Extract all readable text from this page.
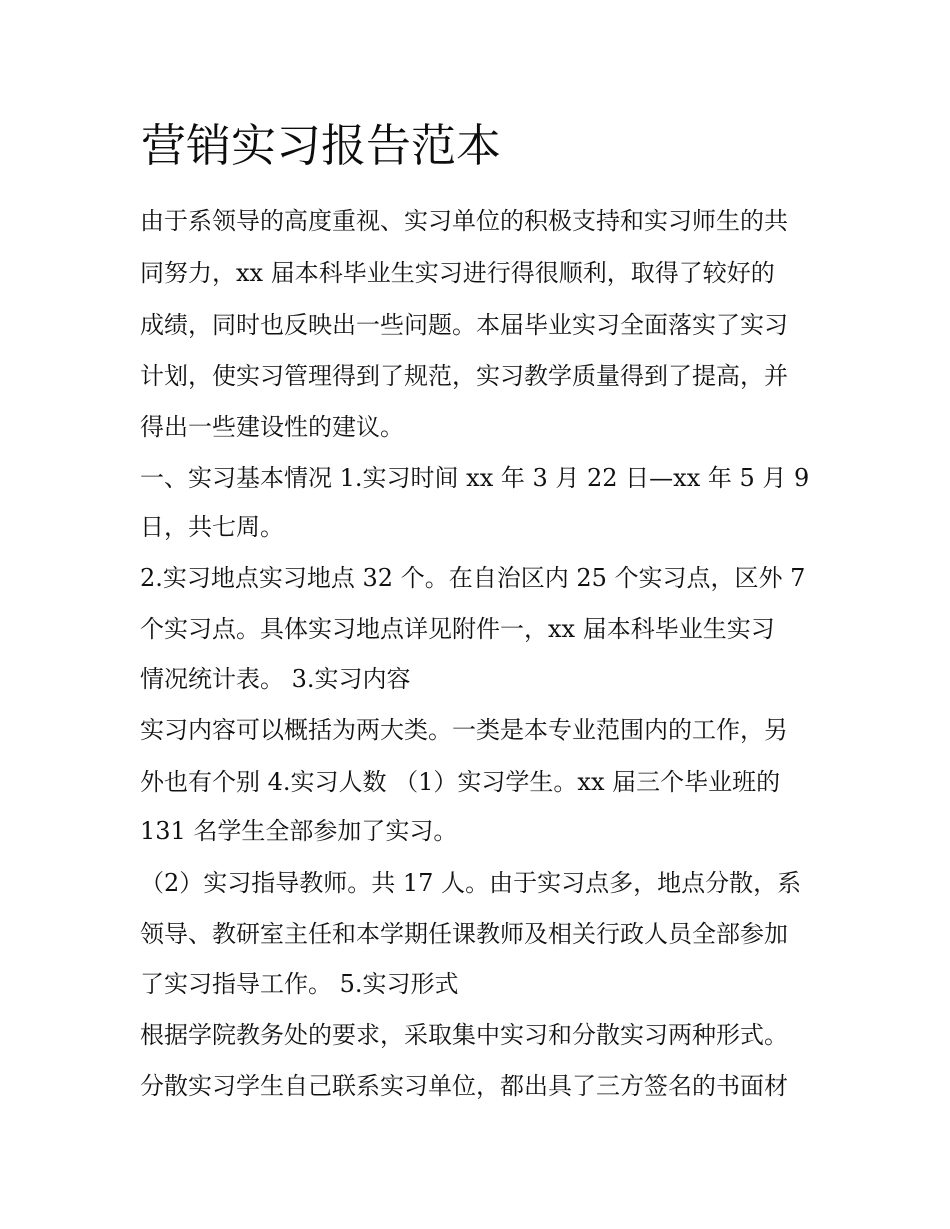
营销实习报告范本
由于系领导的高度重视、实习单位的积极支持和实习师生的共
同努力，xx 届本科毕业生实习进行得很顺利，取得了较好的
成绩，同时也反映出一些问题。本届毕业实习全面落实了实习
计划，使实习管理得到了规范，实习教学质量得到了提高，并
得出一些建设性的建议。
一、实习基本情况 1.实习时间 xx 年 3 月 22 日—xx 年 5 月 9
日，共七周。
2.实习地点实习地点 32 个。在自治区内 25 个实习点，区外 7
个实习点。具体实习地点详见附件一，xx 届本科毕业生实习
情况统计表。 3.实习内容
实习内容可以概括为两大类。一类是本专业范围内的工作，另
外也有个别 4.实习人数 （1）实习学生。xx 届三个毕业班的
131 名学生全部参加了实习。
（2）实习指导教师。共 17 人。由于实习点多，地点分散，系
领导、教研室主任和本学期任课教师及相关行政人员全部参加
了实习指导工作。 5.实习形式
根据学院教务处的要求，采取集中实习和分散实习两种形式。
分散实习学生自己联系实习单位，都出具了三方签名的书面材
